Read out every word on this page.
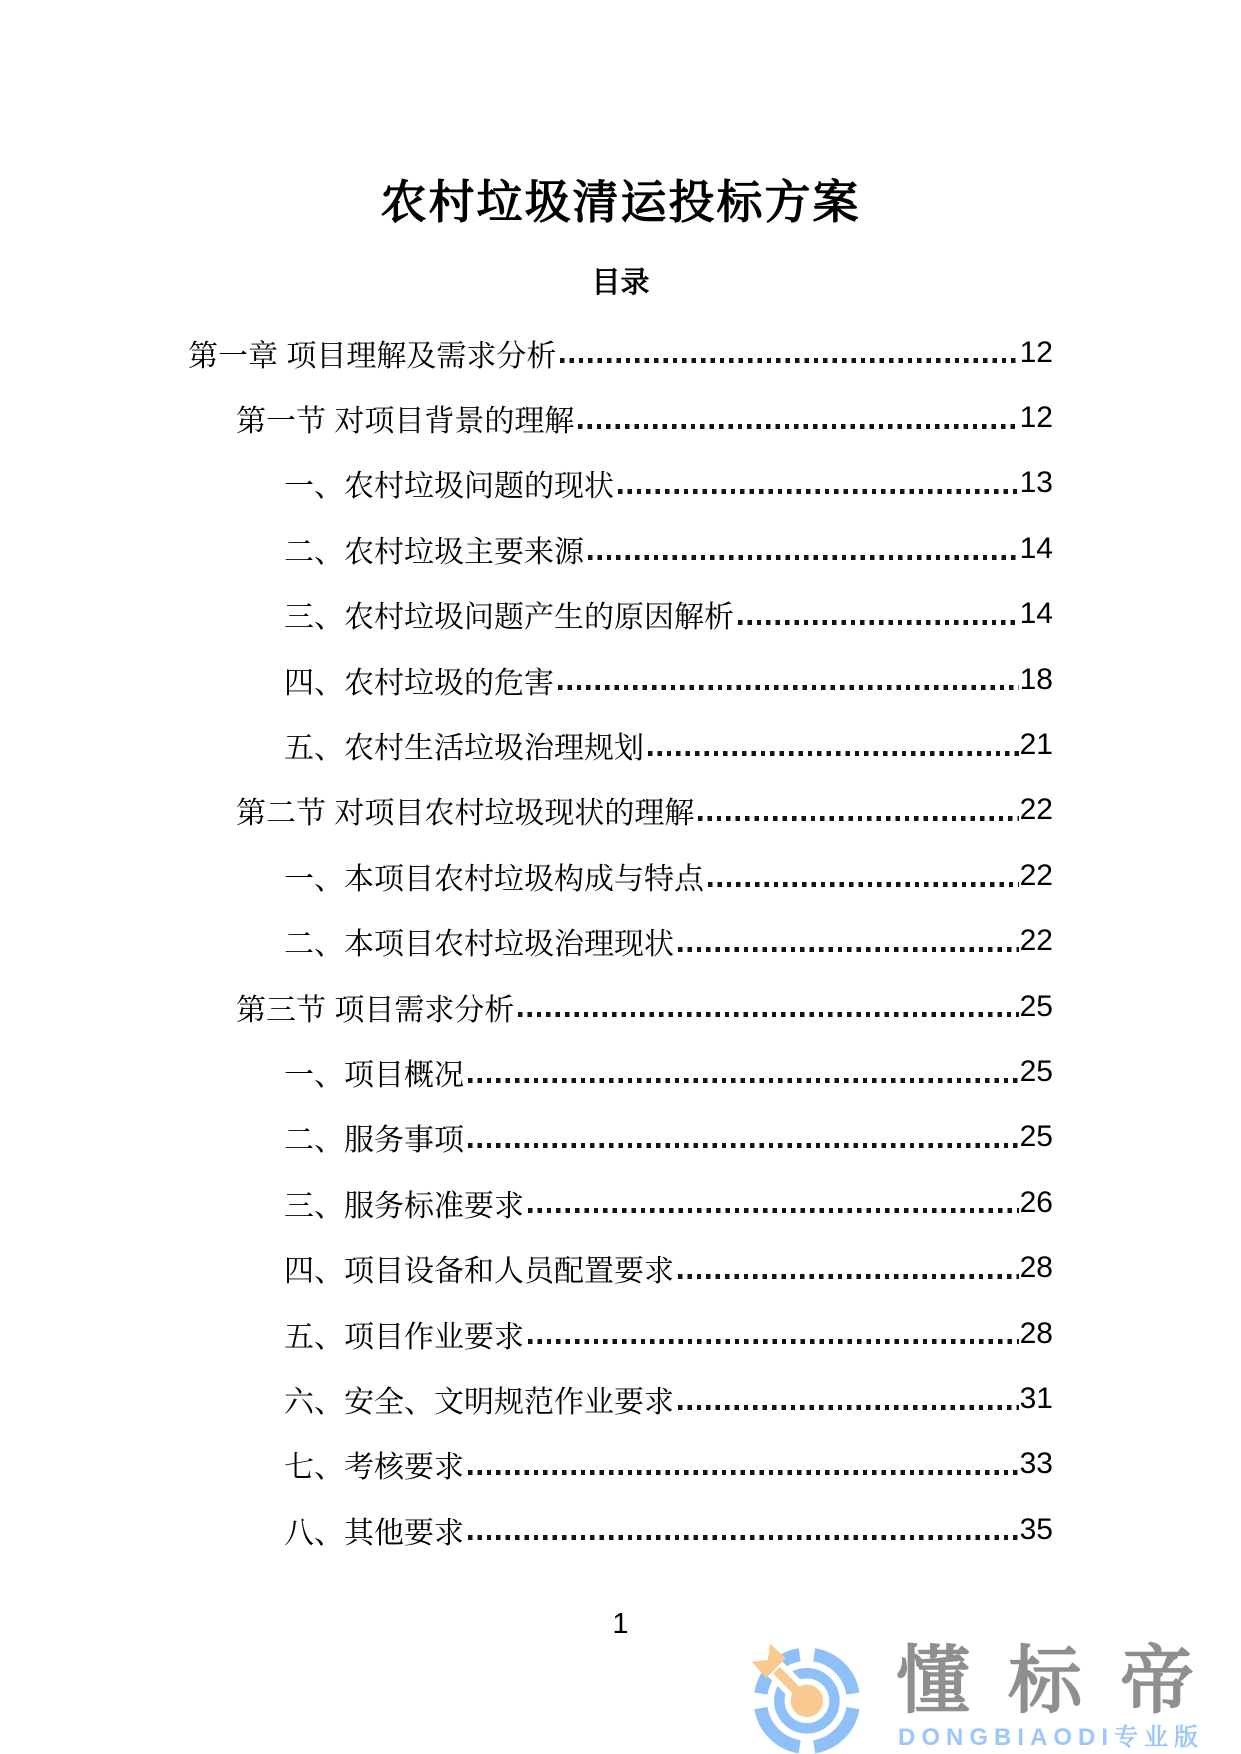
农村垃圾清运投标方案
目录
第一章 项目理解及需求分析	12
第一节 对项目背景的理解	12
一、农村垃圾问题的现状	13
二、农村垃圾主要来源	14
三、农村垃圾问题产生的原因解析	14
四、农村垃圾的危害	18
五、农村生活垃圾治理规划	21
第二节 对项目农村垃圾现状的理解	22
一、本项目农村垃圾构成与特点	22
二、本项目农村垃圾治理现状	22
第三节 项目需求分析	25
一、项目概况	25
二、服务事项	25
三、服务标准要求	26
四、项目设备和人员配置要求	28
五、项目作业要求	28
六、安全、文明规范作业要求	31
七、考核要求	33
八、其他要求	35
1
懂标帝
DONGBIAODI专业版
